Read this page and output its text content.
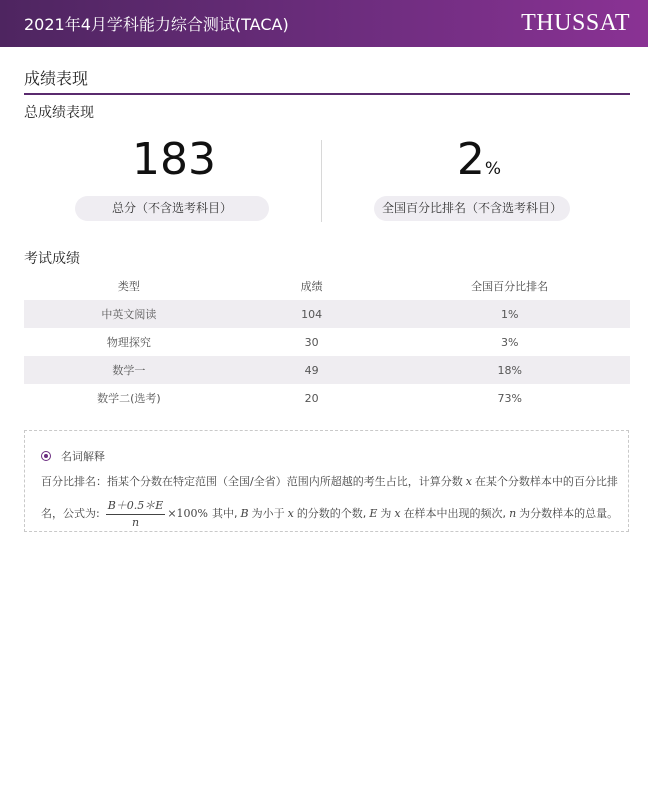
2021年4月学科能力综合测试(TACA)	THUSSAT
成绩表现
总成绩表现
183
总分（不含选考科目）
2%
全国百分比排名（不含选考科目）
考试成绩
类型	成绩	全国百分比排名
中英文阅读	104	1%
物理探究	30	3%
数学一	49	18%
数学二(选考)	20	73%
名词解释
百分比排名：指某个分数在特定范围（全国/全省）范围内所超越的考生占比，计算分数 x 在某个分数样本中的百分比排
名，公式为: $\frac{B+0.5*E}{n} \times 100\%$ 其中, B 为小于 x 的分数的个数, E 为 x 在样本中出现的频次, n 为分数样本的总量。
